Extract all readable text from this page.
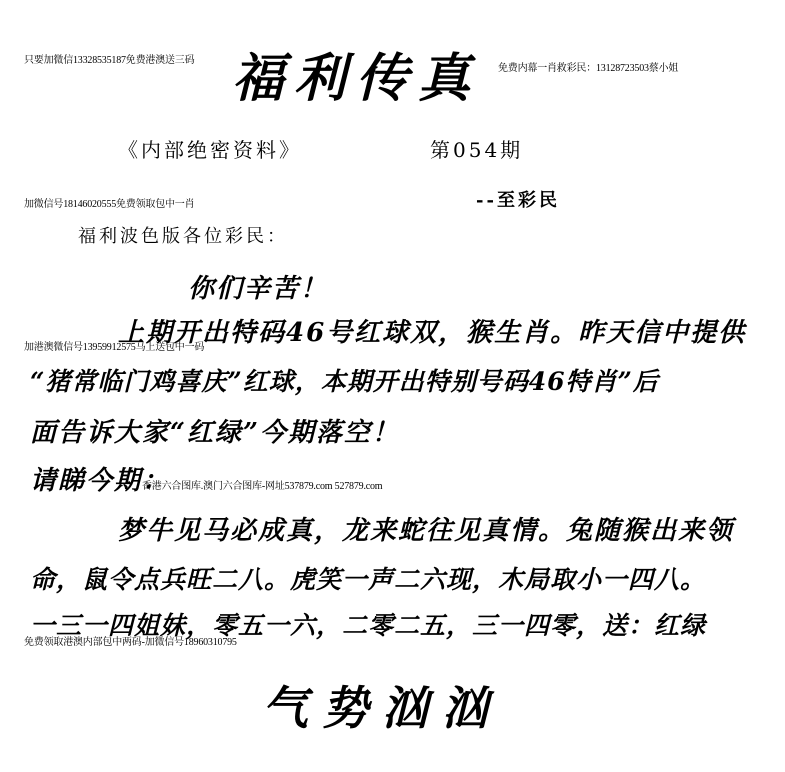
只要加微信13328535187免费港澳送三码 福利传真 免费内幕一肖救彩民：13128723503蔡小姐
《内部绝密资料》	第054期
加微信号18146020555免费领取包中一肖	--至彩民
福利波色版各位彩民：
你们辛苦！
上期开出特码46号红球双，猴生肖。昨天信中提供
加港澳微信号13959912575马上送包中一码
“猪常临门鸡喜庆”红球，本期开出特别号码46特肖”后
面告诉大家“红绿”今期落空！
请睇今期：
香港六合图库.澳门六合图库-网址537879.com 527879.com
梦牛见马必成真，龙来蛇往见真情。兔随猴出来领
命，鼠令点兵旺二八。虎笑一声二六现，木局取小一四八。
一三一四姐妹，零五一六，二零二五，三一四零，送：红绿
免费领取港澳内部包中两码-加微信号18960310795
气势汹汹
